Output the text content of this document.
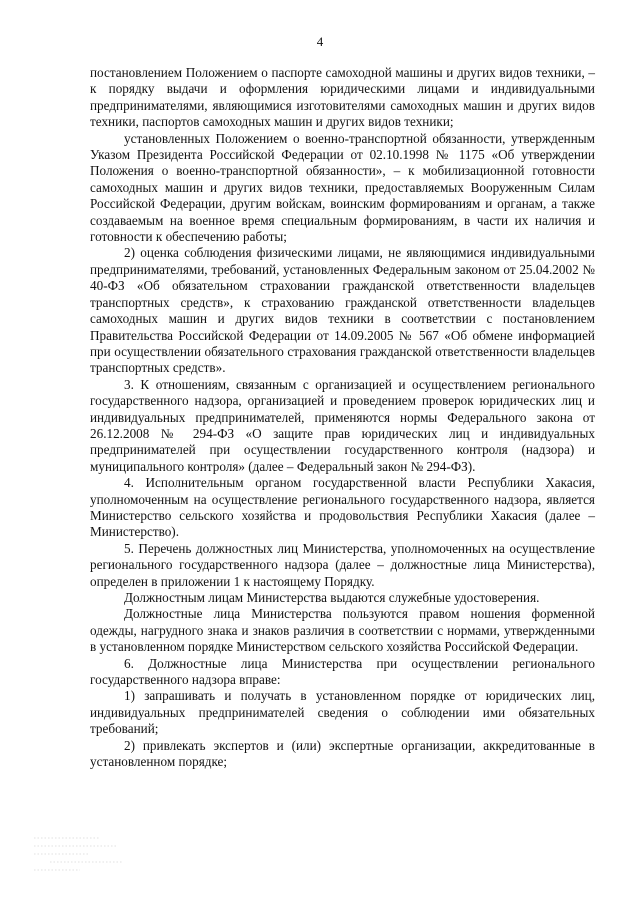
4

постановлением Положением о паспорте самоходной машины и других видов техники, – к порядку выдачи и оформления юридическими лицами и индивидуальными предпринимателями, являющимися изготовителями самоходных машин и других видов техники, паспортов самоходных машин и других видов техники;

установленных Положением о военно-транспортной обязанности, утвержденным Указом Президента Российской Федерации от 02.10.1998 № 1175 «Об утверждении Положения о военно-транспортной обязанности», – к мобилизационной готовности самоходных машин и других видов техники, предоставляемых Вооруженным Силам Российской Федерации, другим войскам, воинским формированиям и органам, а также создаваемым на военное время специальным формированиям, в части их наличия и готовности к обеспечению работы;

2) оценка соблюдения физическими лицами, не являющимися индивидуальными предпринимателями, требований, установленных Федеральным законом от 25.04.2002 № 40-ФЗ «Об обязательном страховании гражданской ответственности владельцев транспортных средств», к страхованию гражданской ответственности владельцев самоходных машин и других видов техники в соответствии с постановлением Правительства Российской Федерации от 14.09.2005 № 567 «Об обмене информацией при осуществлении обязательного страхования гражданской ответственности владельцев транспортных средств».

3. К отношениям, связанным с организацией и осуществлением регионального государственного надзора, организацией и проведением проверок юридических лиц и индивидуальных предпринимателей, применяются нормы Федерального закона от 26.12.2008 № 294-ФЗ «О защите прав юридических лиц и индивидуальных предпринимателей при осуществлении государственного контроля (надзора) и муниципального контроля» (далее – Федеральный закон № 294-ФЗ).

4. Исполнительным органом государственной власти Республики Хакасия, уполномоченным на осуществление регионального государственного надзора, является Министерство сельского хозяйства и продовольствия Республики Хакасия (далее – Министерство).

5. Перечень должностных лиц Министерства, уполномоченных на осуществление регионального государственного надзора (далее – должностные лица Министерства), определен в приложении 1 к настоящему Порядку.

Должностным лицам Министерства выдаются служебные удостоверения.

Должностные лица Министерства пользуются правом ношения форменной одежды, нагрудного знака и знаков различия в соответствии с нормами, утвержденными в установленном порядке Министерством сельского хозяйства Российской Федерации.

6. Должностные лица Министерства при осуществлении регионального государственного надзора вправе:

1) запрашивать и получать в установленном порядке от юридических лиц, индивидуальных предпринимателей сведения о соблюдении ими обязательных требований;

2) привлекать экспертов и (или) экспертные организации, аккредитованные в установленном порядке;
